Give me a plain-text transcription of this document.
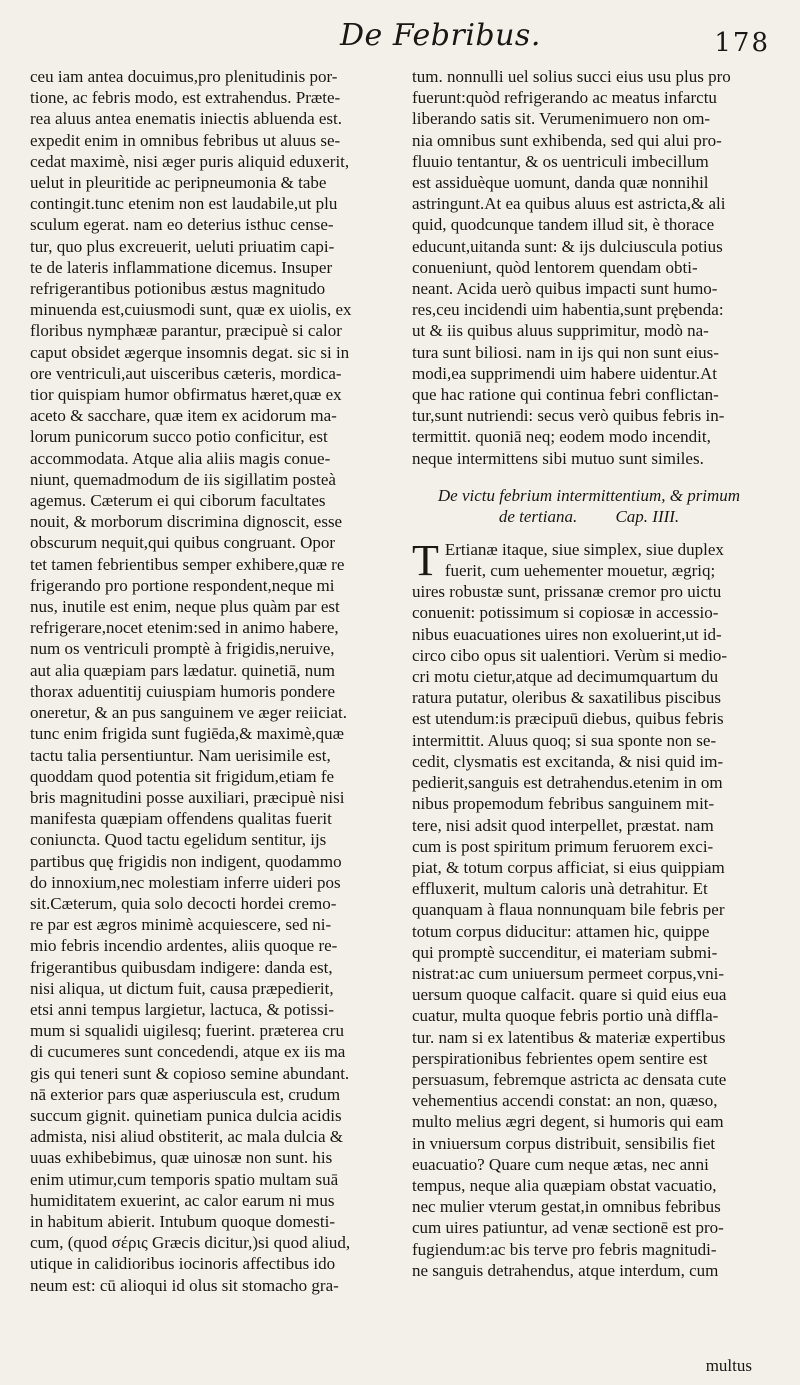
De Febribus.	178
ceu iam antea docuimus,pro plenitudinis por-
tione, ac febris modo, est extrahendus. Præte-
rea aluus antea enematis iniectis abluenda est.
expedit enim in omnibus febribus ut aluus se-
cedat maximè, nisi æger puris aliquid eduxerit,
uelut in pleuritide ac peripneumonia & tabe
contingit.tunc etenim non est laudabile,ut plu
sculum egerat. nam eo deterius isthuc cense-
tur, quo plus excreuerit, ueluti priuatim capi-
te de lateris inflammatione dicemus. Insuper
refrigerantibus potionibus æstus magnitudo
minuenda est,cuiusmodi sunt, quæ ex uiolis, ex
floribus nymphææ parantur, præcipuè si calor
caput obsidet ægerque insomnis degat. sic si in
ore ventriculi,aut uisceribus cæteris, mordica-
tior quispiam humor obfirmatus hæret,quæ ex
aceto & sacchare, quæ item ex acidorum ma-
lorum punicorum succo potio conficitur, est
accommodata. Atque alia aliis magis conue-
niunt, quemadmodum de iis sigillatim posteà
agemus. Cæterum ei qui ciborum facultates
nouit, & morborum discrimina dignoscit, esse
obscurum nequit,qui quibus congruant. Opor
tet tamen febrientibus semper exhibere,quæ re
frigerando pro portione respondent,neque mi
nus, inutile est enim, neque plus quàm par est
refrigerare,nocet etenim:sed in animo habere,
num os ventriculi promptè à frigidis,neruive,
aut alia quæpiam pars lædatur. quinetiā, num
thorax aduentitij cuiuspiam humoris pondere
oneretur, & an pus sanguinem ve æger reiiciat.
tunc enim frigida sunt fugiēda,& maximè,quæ
tactu talia persentiuntur. Nam uerisimile est,
quoddam quod potentia sit frigidum,etiam fe
bris magnitudini posse auxiliari, præcipuè nisi
manifesta quæpiam offendens qualitas fuerit
coniuncta. Quod tactu egelidum sentitur, ijs
partibus quę frigidis non indigent, quodammo
do innoxium,nec molestiam inferre uideri pos
sit.Cæterum, quia solo decocti hordei cremo-
re par est ægros minimè acquiescere, sed ni-
mio febris incendio ardentes, aliis quoque re-
frigerantibus quibusdam indigere: danda est,
nisi aliqua, ut dictum fuit, causa præpedierit,
etsi anni tempus largietur, lactuca, & potissi-
mum si squalidi uigilesq; fuerint. præterea cru
di cucumeres sunt concedendi, atque ex iis ma
gis qui teneri sunt & copioso semine abundant.
nā exterior pars quæ asperiuscula est, crudum
succum gignit. quinetiam punica dulcia acidis
admista, nisi aliud obstiterit, ac mala dulcia &
uuas exhibebimus, quæ uinosæ non sunt. his
enim utimur,cum temporis spatio multam suā
humiditatem exuerint, ac calor earum ni mus
in habitum abierit. Intubum quoque domesti-
cum, (quod σέρις Græcis dicitur,)si quod aliud,
utique in calidioribus iocinoris affectibus ido
neum est: cū alioqui id olus sit stomacho gra-
tum. nonnulli uel solius succi eius usu plus pro
fuerunt:quòd refrigerando ac meatus infarctu
liberando satis sit. Verumenimuero non om-
nia omnibus sunt exhibenda, sed qui alui pro-
fluuio tentantur, & os uentriculi imbecillum
est assiduèque uomunt, danda quæ nonnihil
astringunt.At ea quibus aluus est astricta,& ali
quid, quodcunque tandem illud sit, è thorace
educunt,uitanda sunt: & ijs dulciuscula potius
conueniunt, quòd lentorem quendam obti-
neant. Acida uerò quibus impacti sunt humo-
res,ceu incidendi uim habentia,sunt prębenda:
ut & iis quibus aluus supprimitur, modò na-
tura sunt biliosi. nam in ijs qui non sunt eius-
modi,ea supprimendi uim habere uidentur.At
que hac ratione qui continua febri conflictan-
tur,sunt nutriendi: secus verò quibus febris in-
termittit. quoniā neq; eodem modo incendit,
neque intermittens sibi mutuo sunt similes.
De victu febrium intermittentium, & primum
de tertiana. Cap. IIII.
T Ertianæ itaque, siue simplex, siue duplex
fuerit, cum uehementer mouetur, ægriq;
uires robustæ sunt, prissanæ cremor pro uictu
conuenit: potissimum si copiosæ in accessio-
nibus euacuationes uires non exoluerint,ut id-
circo cibo opus sit ualentiori. Verùm si medio-
cri motu cietur,atque ad decimumquartum du
ratura putatur, oleribus & saxatilibus piscibus
est utendum:is præcipuū diebus, quibus febris
intermittit. Aluus quoq; si sua sponte non se-
cedit, clysmatis est excitanda, & nisi quid im-
pedierit,sanguis est detrahendus.etenim in om
nibus propemodum febribus sanguinem mit-
tere, nisi adsit quod interpellet, præstat. nam
cum is post spiritum primum feruorem exci-
piat, & totum corpus afficiat, si eius quippiam
effluxerit, multum caloris unà detrahitur. Et
quanquam à flaua nonnunquam bile febris per
totum corpus diducitur: attamen hic, quippe
qui promptè succenditur, ei materiam submi-
nistrat:ac cum uniuersum permeet corpus,vni-
uersum quoque calfacit. quare si quid eius eua
cuatur, multa quoque febris portio unà diffla-
tur. nam si ex latentibus & materiæ expertibus
perspirationibus febrientes opem sentire est
persuasum, febremque astricta ac densata cute
vehementius accendi constat: an non, quæso,
multo melius ægri degent, si humoris qui eam
in vniuersum corpus distribuit, sensibilis fiet
euacuatio? Quare cum neque ætas, nec anni
tempus, neque alia quæpiam obstat vacuatio,
nec mulier vterum gestat,in omnibus febribus
cum uires patiuntur, ad venæ sectionē est pro-
fugiendum:ac bis terve pro febris magnitudi-
ne sanguis detrahendus, atque interdum, cum
multus
